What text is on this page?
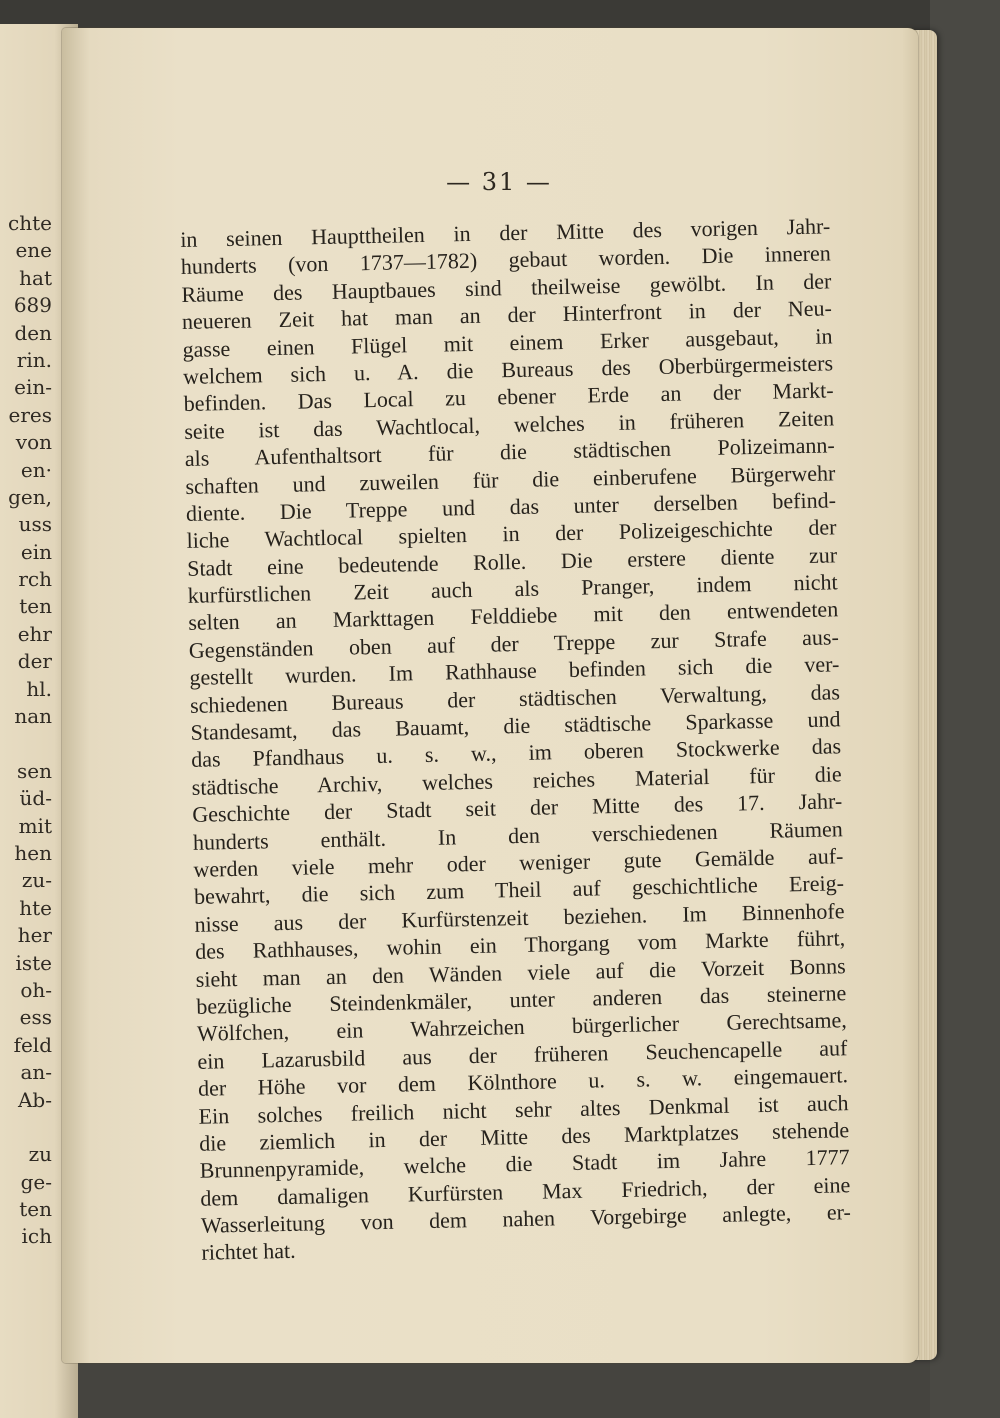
chte
ene
hat
689
den
rin.
ein-
eres
von
en·
gen,
uss
ein
rch
ten
ehr
der
hl.
nan
sen
üd-
mit
hen
zu-
hte
her
iste
oh-
ess
feld
an-
Ab-
zu
ge-
ten
ich
— 31 —
in seinen Haupttheilen in der Mitte des vorigen Jahr-
hunderts (von 1737—1782) gebaut worden. Die inneren
Räume des Hauptbaues sind theilweise gewölbt. In der
neueren Zeit hat man an der Hinterfront in der Neu-
gasse einen Flügel mit einem Erker ausgebaut, in
welchem sich u. A. die Bureaus des Oberbürgermeisters
befinden. Das Local zu ebener Erde an der Markt-
seite ist das Wachtlocal, welches in früheren Zeiten
als Aufenthaltsort für die städtischen Polizeimann-
schaften und zuweilen für die einberufene Bürgerwehr
diente. Die Treppe und das unter derselben befind-
liche Wachtlocal spielten in der Polizeigeschichte der
Stadt eine bedeutende Rolle. Die erstere diente zur
kurfürstlichen Zeit auch als Pranger, indem nicht
selten an Markttagen Felddiebe mit den entwendeten
Gegenständen oben auf der Treppe zur Strafe aus-
gestellt wurden. Im Rathhause befinden sich die ver-
schiedenen Bureaus der städtischen Verwaltung, das
Standesamt, das Bauamt, die städtische Sparkasse und
das Pfandhaus u. s. w., im oberen Stockwerke das
städtische Archiv, welches reiches Material für die
Geschichte der Stadt seit der Mitte des 17. Jahr-
hunderts enthält. In den verschiedenen Räumen
werden viele mehr oder weniger gute Gemälde auf-
bewahrt, die sich zum Theil auf geschichtliche Ereig-
nisse aus der Kurfürstenzeit beziehen. Im Binnenhofe
des Rathhauses, wohin ein Thorgang vom Markte führt,
sieht man an den Wänden viele auf die Vorzeit Bonns
bezügliche Steindenkmäler, unter anderen das steinerne
Wölfchen, ein Wahrzeichen bürgerlicher Gerechtsame,
ein Lazarusbild aus der früheren Seuchencapelle auf
der Höhe vor dem Kölnthore u. s. w. eingemauert.
Ein solches freilich nicht sehr altes Denkmal ist auch
die ziemlich in der Mitte des Marktplatzes stehende
Brunnenpyramide, welche die Stadt im Jahre 1777
dem damaligen Kurfürsten Max Friedrich, der eine
Wasserleitung von dem nahen Vorgebirge anlegte, er-
richtet hat.
